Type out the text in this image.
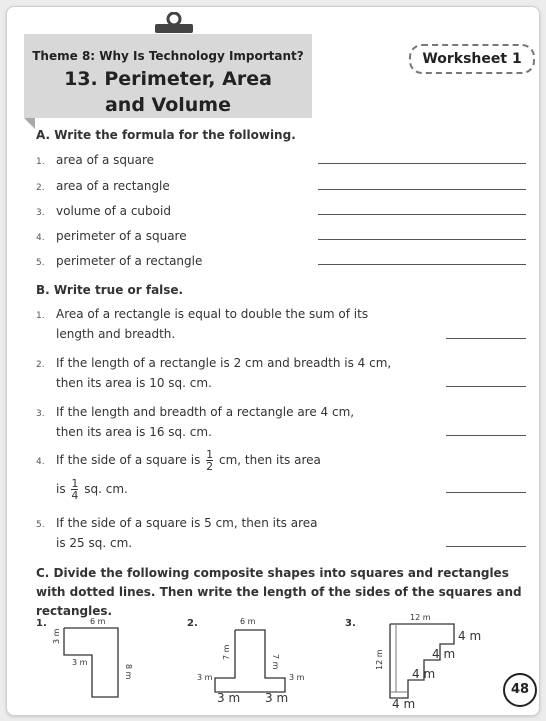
Theme 8: Why Is Technology Important?
13. Perimeter, Area
and Volume
Worksheet 1
A. Write the formula for the following.
1. area of a square
2. area of a rectangle
3. volume of a cuboid
4. perimeter of a square
5. perimeter of a rectangle
B. Write true or false.
1. Area of a rectangle is equal to double the sum of its
length and breadth.
2. If the length of a rectangle is 2 cm and breadth is 4 cm,
then its area is 10 sq. cm.
3. If the length and breadth of a rectangle are 4 cm,
then its area is 16 sq. cm.
4. If the side of a square is $\frac{1}{2}$ cm, then its area
is $\frac{1}{4}$ sq. cm.
5. If the side of a square is 5 cm, then its area
is 25 sq. cm.
C. Divide the following composite shapes into squares and rectangles with dotted lines. Then write the length of the sides of the squares and rectangles.
1.	6 m
3 m
3 m
8 m
2.	6 m
7 m
7 m
3 m	3 m
3 m 3 m
3.
12 m
4 m
4 m
4 m
12 m
4 m
48
